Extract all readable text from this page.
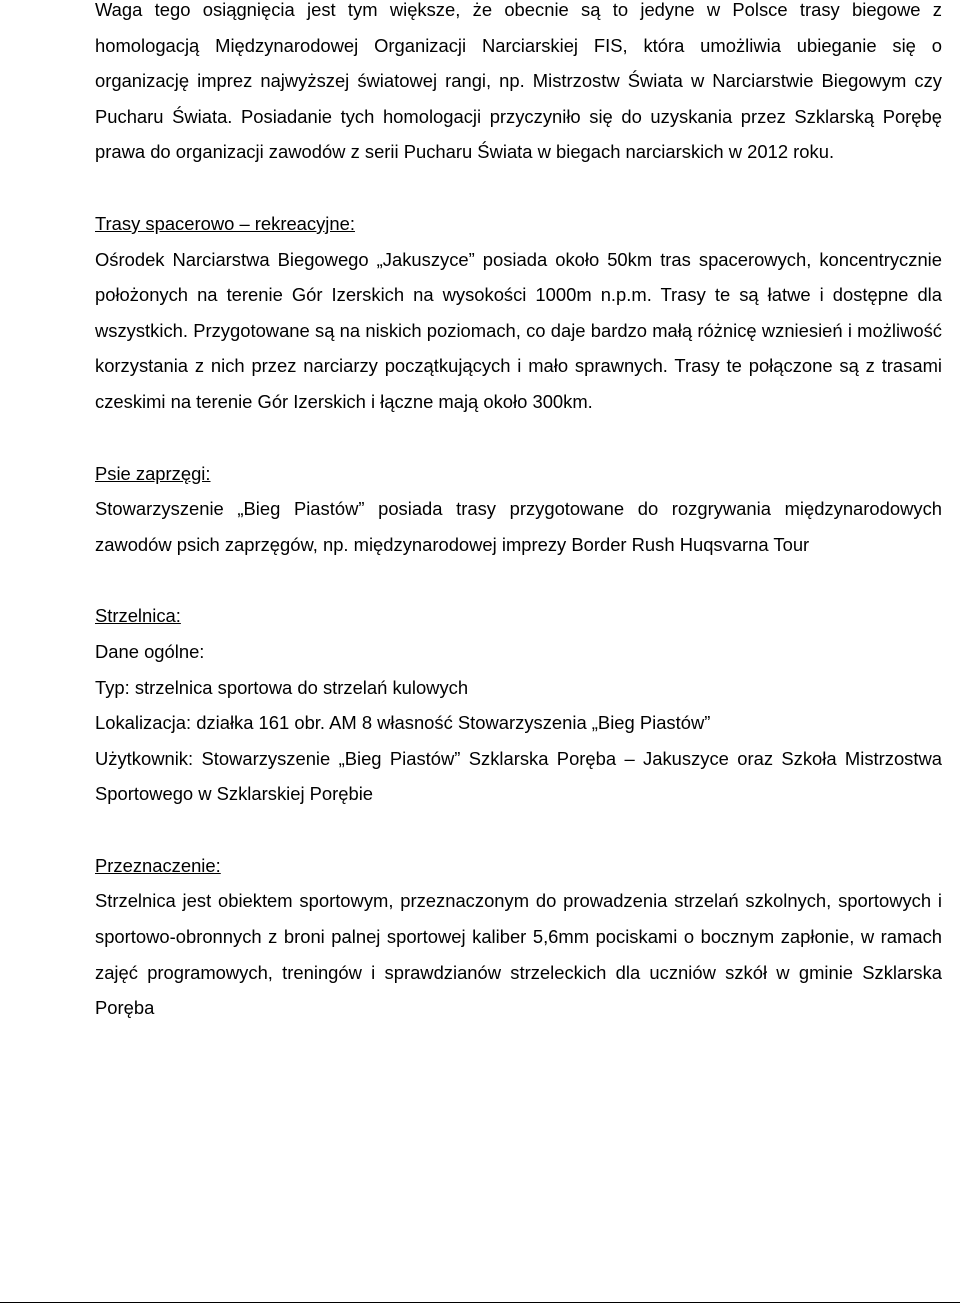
Waga tego osiągnięcia jest tym większe, że obecnie są to jedyne w Polsce trasy biegowe z homologacją Międzynarodowej Organizacji Narciarskiej FIS, która umożliwia ubieganie się o organizację imprez najwyższej światowej rangi, np. Mistrzostw Świata w Narciarstwie Biegowym czy Pucharu Świata. Posiadanie tych homologacji przyczyniło się do uzyskania przez Szklarską Porębę prawa do organizacji zawodów z serii Pucharu Świata w biegach narciarskich w 2012 roku.

Trasy spacerowo – rekreacyjne:

Ośrodek Narciarstwa Biegowego „Jakuszyce” posiada około 50km tras spacerowych, koncentrycznie położonych na terenie Gór Izerskich na wysokości 1000m n.p.m. Trasy te są łatwe i dostępne dla wszystkich. Przygotowane są na niskich poziomach, co daje bardzo małą różnicę wzniesień i możliwość korzystania z nich przez narciarzy początkujących i mało sprawnych. Trasy te połączone są z trasami czeskimi na terenie Gór Izerskich i łączne mają około 300km.

Psie zaprzęgi:

Stowarzyszenie „Bieg Piastów” posiada trasy przygotowane do rozgrywania międzynarodowych zawodów psich zaprzęgów, np. międzynarodowej imprezy Border Rush Huqsvarna Tour

Strzelnica:

Dane ogólne:

Typ: strzelnica sportowa do strzelań kulowych

Lokalizacja: działka 161 obr. AM 8 własność Stowarzyszenia „Bieg Piastów”

Użytkownik: Stowarzyszenie „Bieg Piastów” Szklarska Poręba – Jakuszyce oraz Szkoła Mistrzostwa Sportowego w Szklarskiej Porębie

Przeznaczenie:

Strzelnica jest obiektem sportowym, przeznaczonym do prowadzenia strzelań szkolnych, sportowych i sportowo-obronnych z broni palnej sportowej kaliber 5,6mm pociskami o bocznym zapłonie, w ramach zajęć programowych, treningów i sprawdzianów strzeleckich dla uczniów szkół w gminie Szklarska Poręba
